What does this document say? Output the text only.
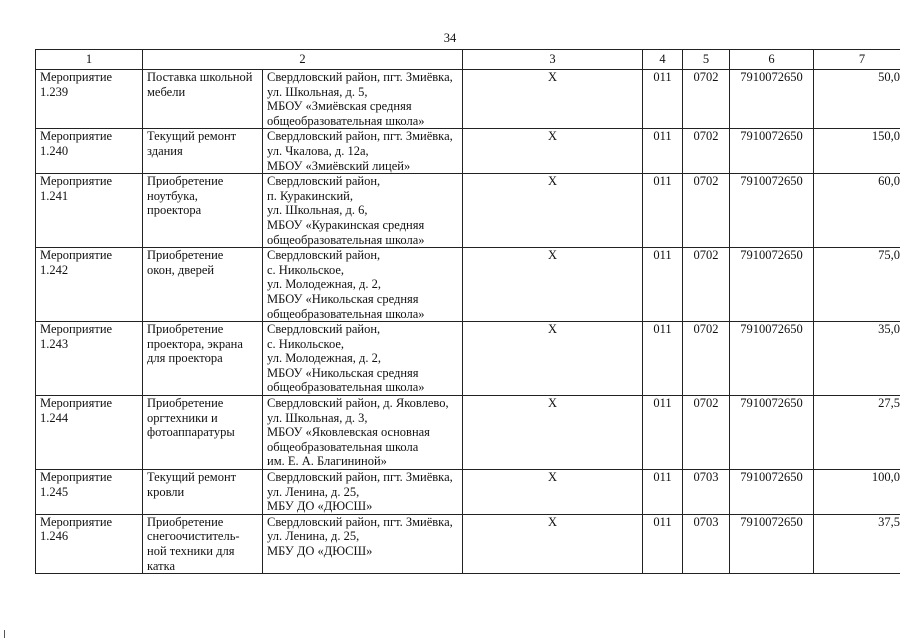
34
1	2		3	4	5	6	7

Мероприятие
1.239	Поставка школьной
мебели	Свердловский район, пгт. Змиёвка,
ул. Школьная, д. 5,
МБОУ «Змиёвская средняя
общеобразовательная школа»	Х	011	0702	7910072650	50,0

Мероприятие
1.240	Текущий ремонт
здания	Свердловский район, пгт. Змиёвка,
ул. Чкалова, д. 12а,
МБОУ «Змиёвский лицей»	Х	011	0702	7910072650	150,0

Мероприятие
1.241	Приобретение
ноутбука,
проектора	Свердловский район,
п. Куракинский,
ул. Школьная, д. 6,
МБОУ «Куракинская средняя
общеобразовательная школа»	Х	011	0702	7910072650	60,0

Мероприятие
1.242	Приобретение
окон, дверей	Свердловский район,
с. Никольское,
ул. Молодежная, д. 2,
МБОУ «Никольская средняя
общеобразовательная школа»	Х	011	0702	7910072650	75,0

Мероприятие
1.243	Приобретение
проектора, экрана
для проектора	Свердловский район,
с. Никольское,
ул. Молодежная, д. 2,
МБОУ «Никольская средняя
общеобразовательная школа»	Х	011	0702	7910072650	35,0

Мероприятие
1.244	Приобретение
оргтехники и
фотоаппаратуры	Свердловский район, д. Яковлево,
ул. Школьная, д. 3,
МБОУ «Яковлевская основная
общеобразовательная школа
им. Е. А. Благининой»	Х	011	0702	7910072650	27,5

Мероприятие
1.245	Текущий ремонт
кровли	Свердловский район, пгт. Змиёвка,
ул. Ленина, д. 25,
МБУ ДО «ДЮСШ»	Х	011	0703	7910072650	100,0

Мероприятие
1.246	Приобретение
снегоочиститель-
ной техники для
катка	Свердловский район, пгт. Змиёвка,
ул. Ленина, д. 25,
МБУ ДО «ДЮСШ»	Х	011	0703	7910072650	37,5
